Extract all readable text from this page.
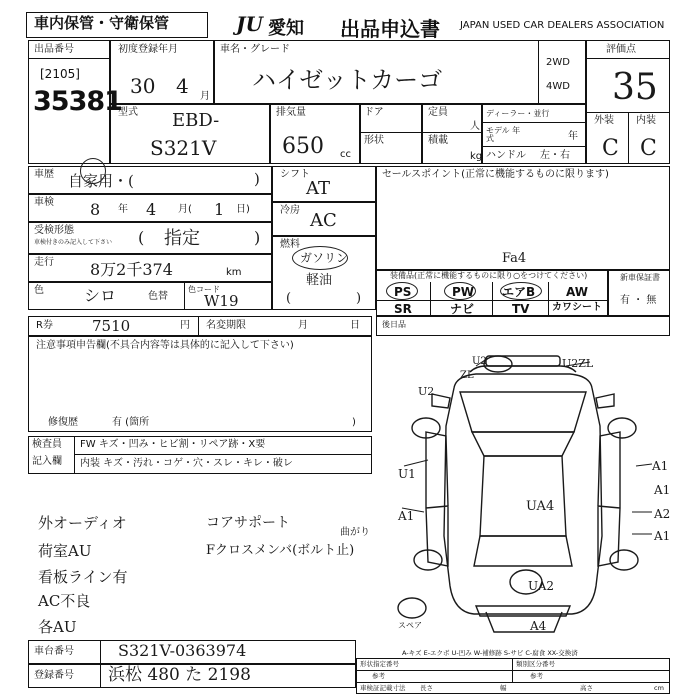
車内保管・守衛保管	JU 愛知 出品申込書 JAPAN USED CAR DEALERS ASSOCIATION
出品番号
[2105]
35381
初度登録年月
30 4 月
車名・グレード
ハイゼットカーゴ
2WD
4WD
評価点
35
外装 内装
C C
型式 EBD-
S321V
排気量
650 cc
ドア
形状
定員
人
積載
kg
ディーラー・並行
モデル 年式	年
ハンドル 左・右
車歴 自家用・(	)
車検 8 年 4 月( 1 日)
受検形態
車検付きのみ記入して下さい ( 指定	)
走行 8万2千374	km
色	シロ	色替
色コード
W19
シフト
AT
冷房 AC
燃料
ガソリン
軽油
(	)
セールスポイント(正常に機能するものに限ります)
Fa4
装備品(正常に機能するものに限り○をつけてください)
PS	PW エアB	AW
カワシート
SR	ナビ	TV
新車保証書
有 ・ 無
R券	7510	円 名変期限	月	日	後日品
注意事項申告欄(不具合内容等は具体的に記入して下さい)
修復歴	有 (箇所	)
検査員
記入欄
FW キズ・凹み・ヒビ割・リペア跡・X要
内装 キズ・汚れ・コゲ・穴・スレ・キレ・破レ
外オーディオ
荷室AU
看板ライン有
AC不良
各AU
コアサポート
Fクロスメンバ(ボルト止)
曲がり
U2
U2	U2ZL
ZL
A1
A1
U1
A1
A2
A1
UA4
UA2
A4
スペア
A-キズ E-エクボ U-凹み W-補修跡 S-サビ C-腐食 XX-交換済
車台番号	S321V-0363974
登録番号 浜松 480 た 2198
形状指定番号
参考
類別区分番号
参考
車検証記載寸法 長さ	幅	高さ	cm
